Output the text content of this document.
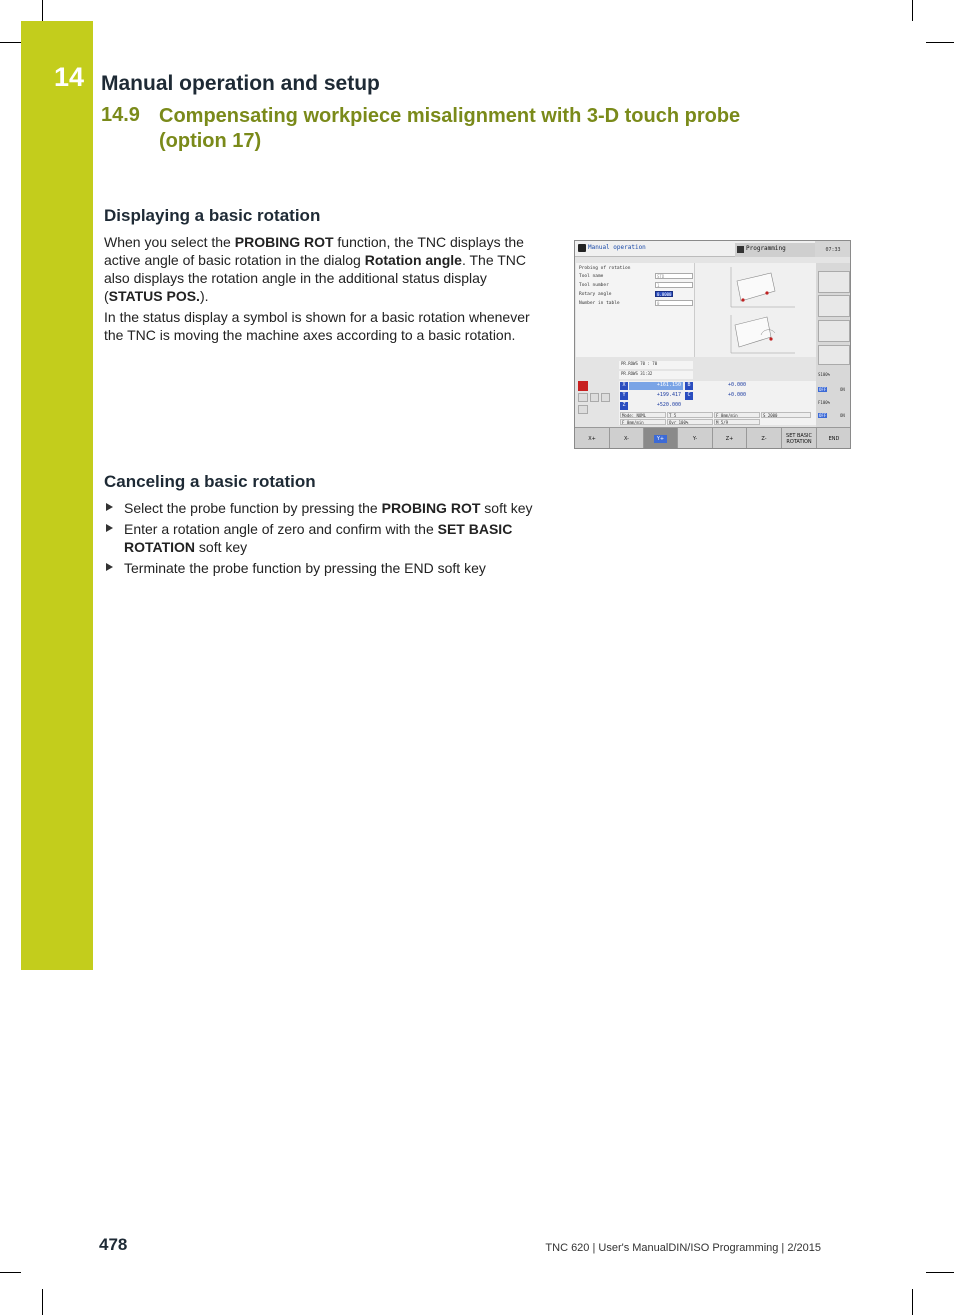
14 Manual operation and setup
14.9 Compensating workpiece misalignment with 3-D touch probe (option 17)
Displaying a basic rotation
When you select the PROBING ROT function, the TNC displays the active angle of basic rotation in the dialog Rotation angle. The TNC also displays the rotation angle in the additional status display (STATUS POS.).
In the status display a symbol is shown for a basic rotation whenever the TNC is moving the machine axes according to a basic rotation.
Canceling a basic rotation
Select the probe function by pressing the PROBING ROT soft key
Enter a rotation angle of zero and confirm with the SET BASIC ROTATION soft key
Terminate the probe function by pressing the END soft key
478	TNC 620 | User's ManualDIN/ISO Programming | 2/2015
Manual operation	Programming	07:33
Probing of rotation
Tool name	STD
Tool number	1
Rotary angle	0.0000
Number in table	0
PR.ROWS 70 : 70
PR.ROWS 31:32
X	+161.150	B	+0.000
Y	+199.417	C	+0.000
Z	+520.000
Mode: NOML	T 5	F 0mm/min	S 2000
F 0mm/min	Ovr 100%	M 5/9
S100%
OFF	ON
F100%
OFF	ON
X+	X-	Y+	Y-	Z+	Z-	SET BASIC ROTATION	END
